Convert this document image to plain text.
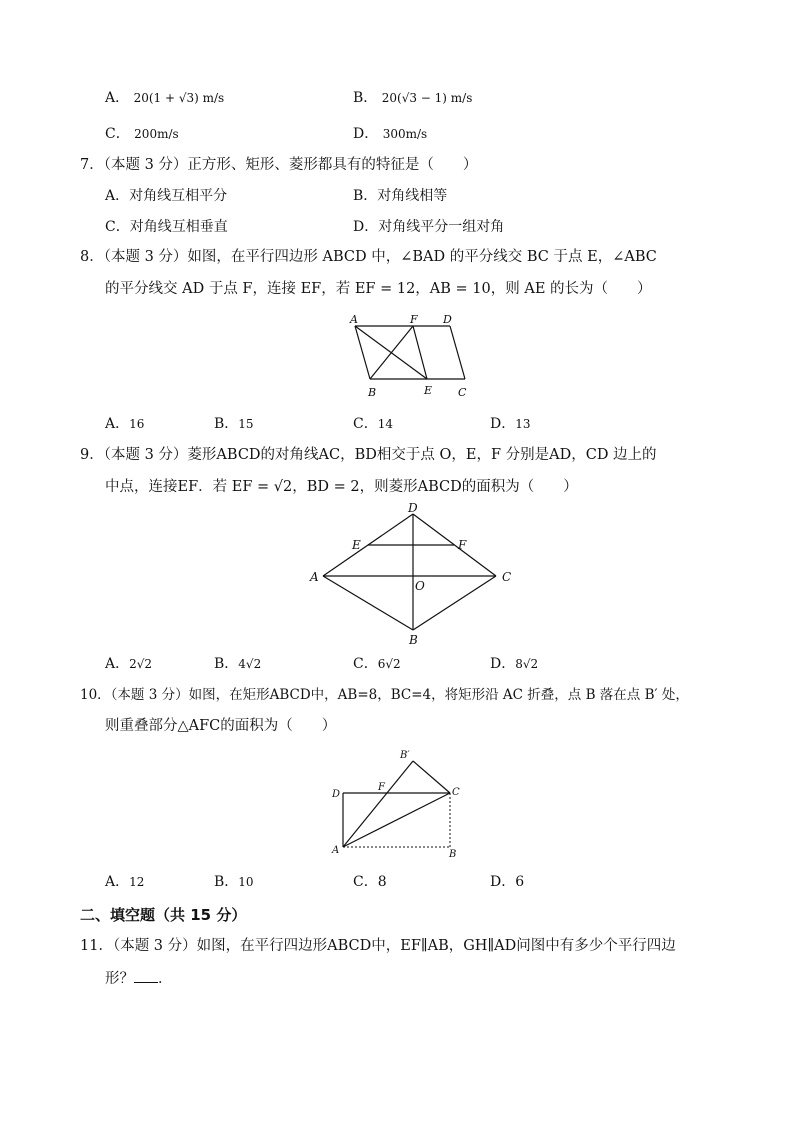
A． 20(1 + √3) m/s	B． 20(√3 − 1) m/s
C． 200m/s	D． 300m/s
7．（本题 3 分）正方形、矩形、菱形都具有的特征是（　　）
A．对角线互相平分	B．对角线相等
C．对角线互相垂直	D．对角线平分一组对角
8．（本题 3 分）如图，在平行四边形 ABCD 中，∠BAD 的平分线交 BC 于点 E，∠ABC
的平分线交 AD 于点 F，连接 EF，若 EF = 12，AB = 10，则 AE 的长为（　　）
A	F D
B	E C
A．16	B．15	C．14	D．13
9．（本题 3 分）菱形ABCD的对角线AC，BD相交于点 O，E，F 分别是AD，CD 边上的
中点，连接EF．若 EF = √2，BD = 2，则菱形ABCD的面积为（　　）
D
E	F
A
O
C
B
A．2√2	B．4√2	C．6√2	D．8√2
10．（本题 3 分）如图，在矩形ABCD中，AB=8，BC=4，将矩形沿 AC 折叠，点 B 落在点 B′ 处，
则重叠部分△AFC的面积为（　　）
B′
D
F	C
A	B
A．12	B．10	C．8	D．6
二、填空题（共 15 分）
11．（本题 3 分）如图，在平行四边形ABCD中，EF∥AB，GH∥AD问图中有多少个平行四边
形？ ．
